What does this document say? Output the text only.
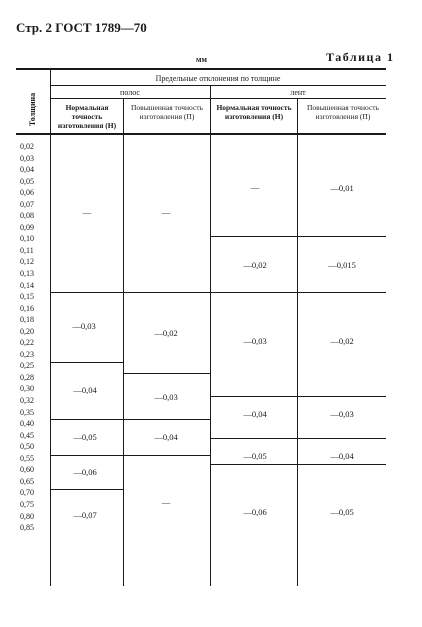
Стр. 2 ГОСТ 1789—70
мм	Таблица 1
Толщина
Предельные отклонения по толщине
полос	лент
Нормальная точность изготовления (Н)
Повышенная точность изготовления (П)
Нормальная точность изготовления (Н)
Повышенная точность изготовления (П)
0,02
0,03
0,04
0,05
0,06
0,07
0,08
0,09
0,10
0,11
0,12
0,13
0,14
0,15
0,16
0,18
0,20
0,22
0,23
0,25
0,28
0,30
0,32
0,35
0,40
0,45
0,50
0,55
0,60
0,65
0,70
0,75
0,80
0,85
—
—0,03
—0,04
—0,05
—0,06
—0,07
—
—0,02
—0,03
—0,04
—
—
—0,02
—0,03
—0,04
—0,05
—0,06
—0,01
—0,015
—0,02
—0,03
—0,04
—0,05
